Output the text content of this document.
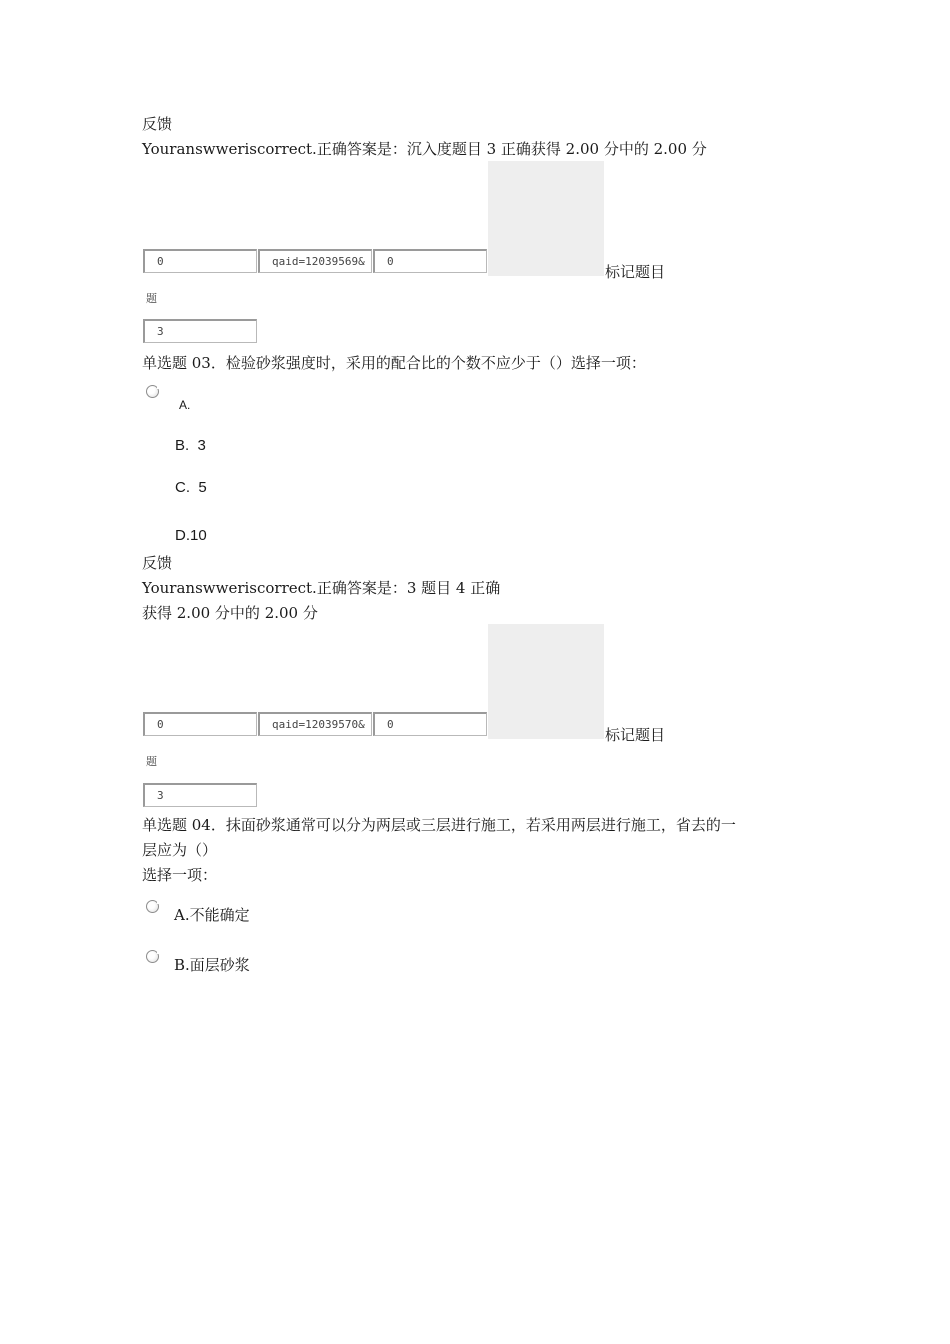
反馈
Youranswweriscorrect.正确答案是：沉入度题目 3 正确获得 2.00 分中的 2.00 分
0	qaid=12039569&	0
标记题目
题
3
单选题 03．检验砂浆强度时，采用的配合比的个数不应少于（）选择一项：
A.
B.  3
C.  5
D.10
反馈
Youranswweriscorrect.正确答案是：3 题目 4 正确
获得 2.00 分中的 2.00 分
0	qaid=12039570&	0
标记题目
题
3
单选题 04．抹面砂浆通常可以分为两层或三层进行施工，若采用两层进行施工，省去的一
层应为（）
选择一项：
A.不能确定
B.面层砂浆
